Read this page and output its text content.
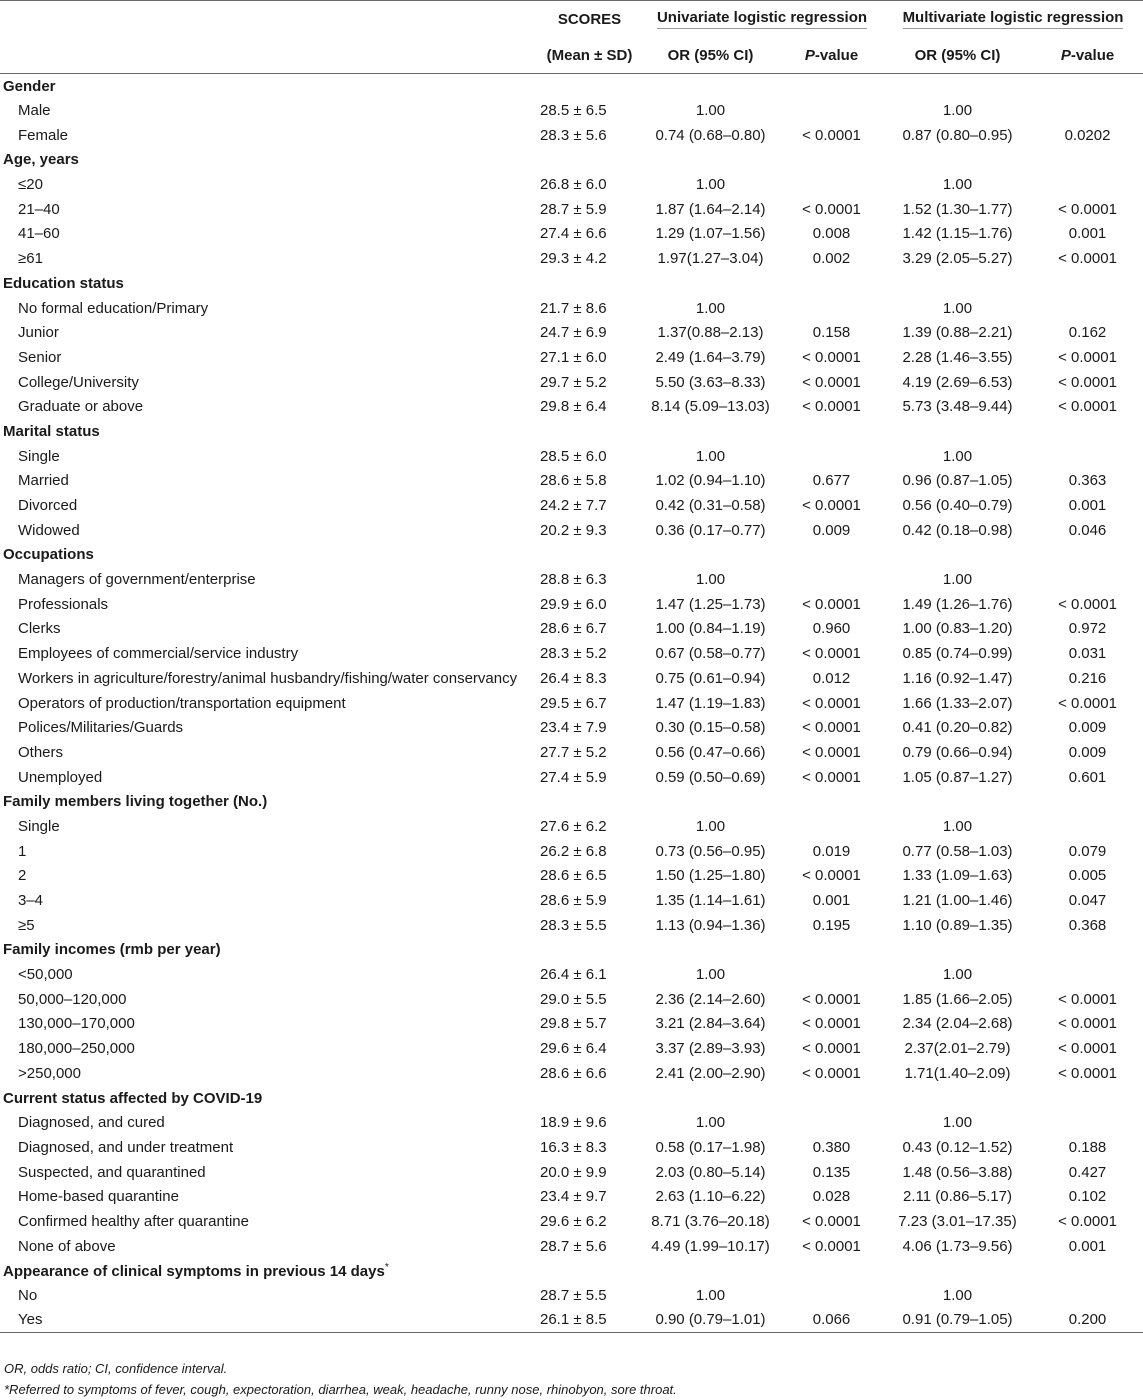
	SCORES	Univariate logistic regression		Multivariate logistic regression	
	(Mean ± SD)	OR (95% CI)	P-value	OR (95% CI)	P-value
Gender					
Male	28.5 ± 6.5	1.00		1.00	
Female	28.3 ± 5.6	0.74 (0.68–0.80)	< 0.0001	0.87 (0.80–0.95)	0.0202
Age, years					
≤20	26.8 ± 6.0	1.00		1.00	
21–40	28.7 ± 5.9	1.87 (1.64–2.14)	< 0.0001	1.52 (1.30–1.77)	< 0.0001
41–60	27.4 ± 6.6	1.29 (1.07–1.56)	0.008	1.42 (1.15–1.76)	0.001
≥61	29.3 ± 4.2	1.97(1.27–3.04)	0.002	3.29 (2.05–5.27)	< 0.0001
Education status					
No formal education/Primary	21.7 ± 8.6	1.00		1.00	
Junior	24.7 ± 6.9	1.37(0.88–2.13)	0.158	1.39 (0.88–2.21)	0.162
Senior	27.1 ± 6.0	2.49 (1.64–3.79)	< 0.0001	2.28 (1.46–3.55)	< 0.0001
College/University	29.7 ± 5.2	5.50 (3.63–8.33)	< 0.0001	4.19 (2.69–6.53)	< 0.0001
Graduate or above	29.8 ± 6.4	8.14 (5.09–13.03)	< 0.0001	5.73 (3.48–9.44)	< 0.0001
Marital status					
Single	28.5 ± 6.0	1.00		1.00	
Married	28.6 ± 5.8	1.02 (0.94–1.10)	0.677	0.96 (0.87–1.05)	0.363
Divorced	24.2 ± 7.7	0.42 (0.31–0.58)	< 0.0001	0.56 (0.40–0.79)	0.001
Widowed	20.2 ± 9.3	0.36 (0.17–0.77)	0.009	0.42 (0.18–0.98)	0.046
Occupations					
Managers of government/enterprise	28.8 ± 6.3	1.00		1.00	
Professionals	29.9 ± 6.0	1.47 (1.25–1.73)	< 0.0001	1.49 (1.26–1.76)	< 0.0001
Clerks	28.6 ± 6.7	1.00 (0.84–1.19)	0.960	1.00 (0.83–1.20)	0.972
Employees of commercial/service industry	28.3 ± 5.2	0.67 (0.58–0.77)	< 0.0001	0.85 (0.74–0.99)	0.031
Workers in agriculture/forestry/animal husbandry/fishing/water conservancy	26.4 ± 8.3	0.75 (0.61–0.94)	0.012	1.16 (0.92–1.47)	0.216
Operators of production/transportation equipment	29.5 ± 6.7	1.47 (1.19–1.83)	< 0.0001	1.66 (1.33–2.07)	< 0.0001
Polices/Militaries/Guards	23.4 ± 7.9	0.30 (0.15–0.58)	< 0.0001	0.41 (0.20–0.82)	0.009
Others	27.7 ± 5.2	0.56 (0.47–0.66)	< 0.0001	0.79 (0.66–0.94)	0.009
Unemployed	27.4 ± 5.9	0.59 (0.50–0.69)	< 0.0001	1.05 (0.87–1.27)	0.601
Family members living together (No.)					
Single	27.6 ± 6.2	1.00		1.00	
1	26.2 ± 6.8	0.73 (0.56–0.95)	0.019	0.77 (0.58–1.03)	0.079
2	28.6 ± 6.5	1.50 (1.25–1.80)	< 0.0001	1.33 (1.09–1.63)	0.005
3–4	28.6 ± 5.9	1.35 (1.14–1.61)	0.001	1.21 (1.00–1.46)	0.047
≥5	28.3 ± 5.5	1.13 (0.94–1.36)	0.195	1.10 (0.89–1.35)	0.368
Family incomes (rmb per year)					
<50,000	26.4 ± 6.1	1.00		1.00	
50,000–120,000	29.0 ± 5.5	2.36 (2.14–2.60)	< 0.0001	1.85 (1.66–2.05)	< 0.0001
130,000–170,000	29.8 ± 5.7	3.21 (2.84–3.64)	< 0.0001	2.34 (2.04–2.68)	< 0.0001
180,000–250,000	29.6 ± 6.4	3.37 (2.89–3.93)	< 0.0001	2.37(2.01–2.79)	< 0.0001
>250,000	28.6 ± 6.6	2.41 (2.00–2.90)	< 0.0001	1.71(1.40–2.09)	< 0.0001
Current status affected by COVID-19					
Diagnosed, and cured	18.9 ± 9.6	1.00		1.00	
Diagnosed, and under treatment	16.3 ± 8.3	0.58 (0.17–1.98)	0.380	0.43 (0.12–1.52)	0.188
Suspected, and quarantined	20.0 ± 9.9	2.03 (0.80–5.14)	0.135	1.48 (0.56–3.88)	0.427
Home-based quarantine	23.4 ± 9.7	2.63 (1.10–6.22)	0.028	2.11 (0.86–5.17)	0.102
Confirmed healthy after quarantine	29.6 ± 6.2	8.71 (3.76–20.18)	< 0.0001	7.23 (3.01–17.35)	< 0.0001
None of above	28.7 ± 5.6	4.49 (1.99–10.17)	< 0.0001	4.06 (1.73–9.56)	0.001
Appearance of clinical symptoms in previous 14 days*
No	28.7 ± 5.5	1.00		1.00	
Yes	26.1 ± 8.5	0.90 (0.79–1.01)	0.066	0.91 (0.79–1.05)	0.200
OR, odds ratio; CI, confidence interval.
*Referred to symptoms of fever, cough, expectoration, diarrhea, weak, headache, runny nose, rhinobyon, sore throat.
